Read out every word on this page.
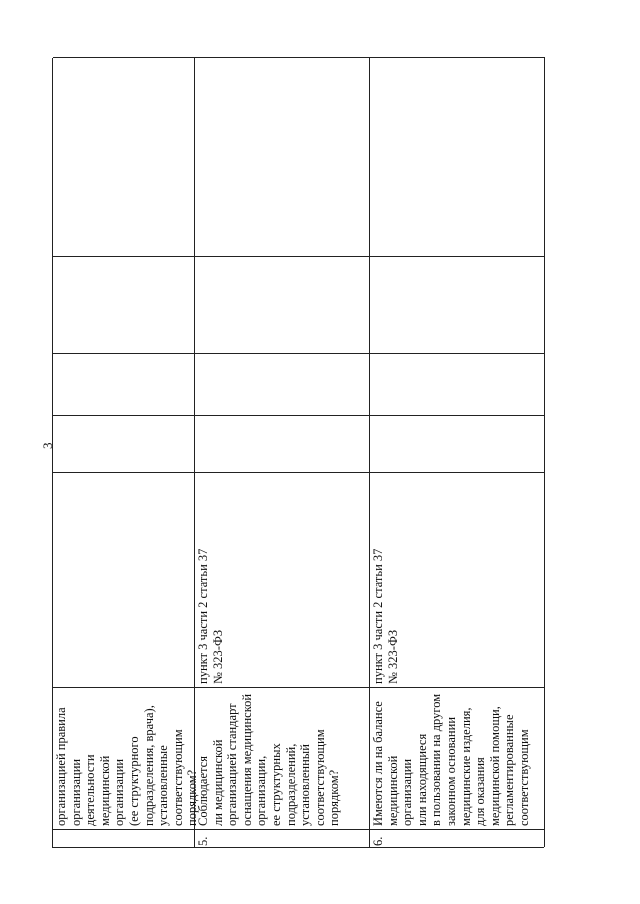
3
организацией правила
организации деятельности
медицинской организации
(ее структурного
подразделения, врача),
установленные
соответствующим
порядком?
5.
Соблюдается
ли медицинской
организацией стандарт
оснащения медицинской
организации,
ее структурных
подразделений,
установленный
соответствующим
порядком?
пункт 3 части 2 статьи 37
№ 323-ФЗ
6.
Имеются ли на балансе
медицинской организации
или находящиеся
в пользовании на другом
законном основании
медицинские изделия,
для оказания
медицинской помощи,
регламентированные
соответствующим
пункт 3 части 2 статьи 37
№ 323-ФЗ
